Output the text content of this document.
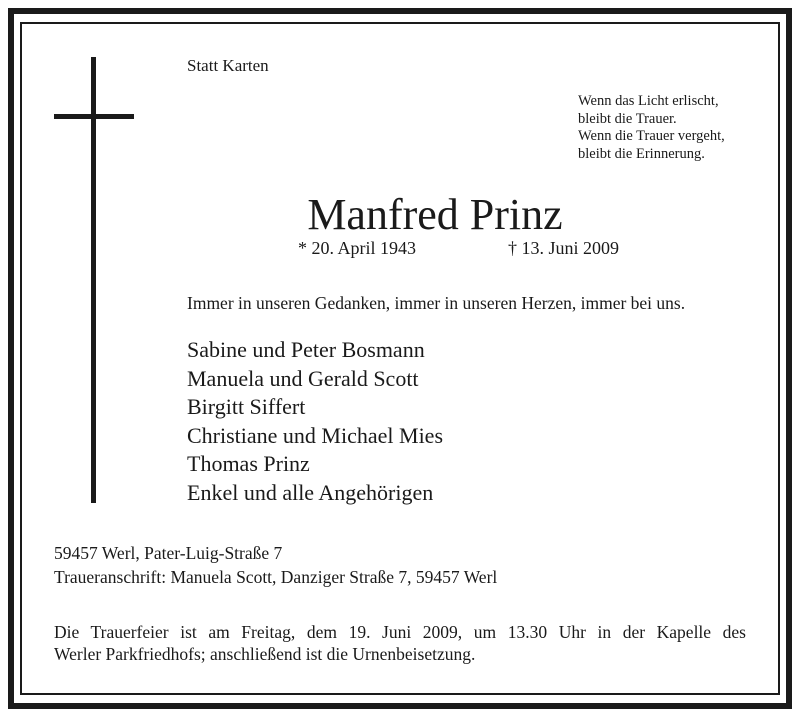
Statt Karten
Wenn das Licht erlischt,
bleibt die Trauer.
Wenn die Trauer vergeht,
bleibt die Erinnerung.
Manfred Prinz
* 20. April 1943	† 13. Juni 2009
Immer in unseren Gedanken, immer in unseren Herzen, immer bei uns.
Sabine und Peter Bosmann
Manuela und Gerald Scott
Birgitt Siffert
Christiane und Michael Mies
Thomas Prinz
Enkel und alle Angehörigen
59457 Werl, Pater-Luig-Straße 7
Traueranschrift: Manuela Scott, Danziger Straße 7, 59457 Werl
Die Trauerfeier ist am Freitag, dem 19. Juni 2009, um 13.30 Uhr in der Kapelle des
Werler Parkfriedhofs; anschließend ist die Urnenbeisetzung.
